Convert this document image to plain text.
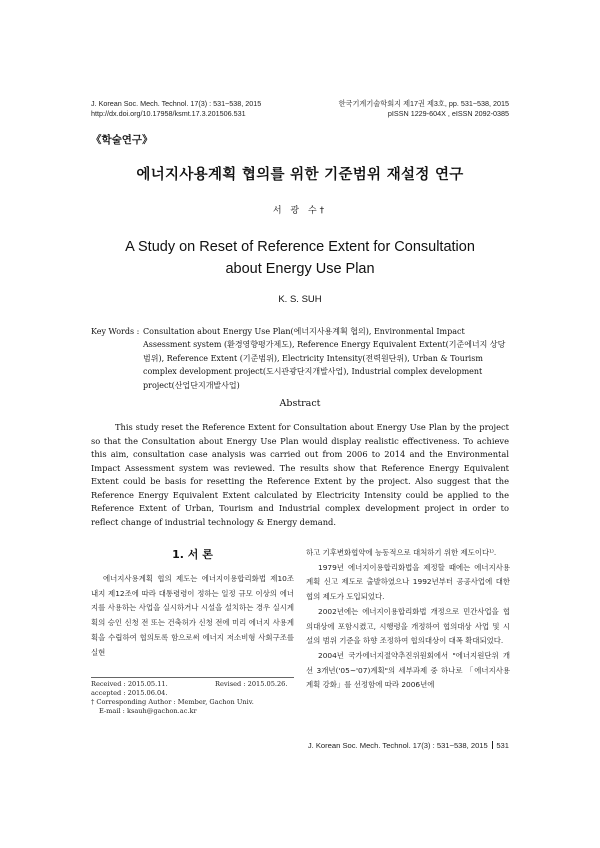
J. Korean Soc. Mech. Technol. 17(3) : 531~538, 2015
http://dx.doi.org/10.17958/ksmt.17.3.201506.531
한국기계기술학회지 제17권 제3호, pp. 531~538, 2015
pISSN 1229-604X , eISSN 2092-0385
《학술연구》
에너지사용계획 협의를 위한 기준범위 재설정 연구
서 광 수†
A Study on Reset of Reference Extent for Consultation
about Energy Use Plan
K. S. SUH
Key Words : Consultation about Energy Use Plan(에너지사용계획 협의), Environmental Impact Assessment system (환경영향평가제도), Reference Energy Equivalent Extent(기준에너지 상당범위), Reference Extent (기준범위), Electricity Intensity(전력원단위), Urban & Tourism complex development project(도시관광단지개발사업), Industrial complex development project(산업단지개발사업)
Abstract

This study reset the Reference Extent for Consultation about Energy Use Plan by the project so that the Consultation about Energy Use Plan would display realistic effectiveness. To achieve this aim, consultation case analysis was carried out from 2006 to 2014 and the Environmental Impact Assessment system was reviewed. The results show that Reference Energy Equivalent Extent could be basis for resetting the Reference Extent by the project. Also suggest that the Reference Energy Equivalent Extent calculated by Electricity Intensity could be applied to the Reference Extent of Urban, Tourism and Industrial complex development project in order to reflect change of industrial technology & Energy demand.

1. 서 론

에너지사용계획 협의 제도는 에너지이용합리화법 제10조 내지 제12조에 따라 대통령령이 정하는 일정 규모 이상의 에너지를 사용하는 사업을 실시하거나 시설을 설치하는 경우 실시계획의 승인 신청 전 또는 건축허가 신청 전에 미리 에너지 사용계획을 수립하여 협의토록 함으로써 에너지 저소비형 사회구조를 실현

Received : 2015.05.11.	Revised : 2015.05.26.
accepted : 2015.06.04.
† Corresponding Author : Member, Gachon Univ.
E-mail : ksauh@gachon.ac.kr

하고 기후변화협약에 능동적으로 대처하기 위한 제도이다¹⁾.

1979년 에너지이용합리화법을 제정할 때에는 에너지사용계획 신고 제도로 출발하였으나 1992년부터 공공사업에 대한 협의 제도가 도입되었다.

2002년에는 에너지이용합리화법 개정으로 민간사업을 협의대상에 포함시켰고, 시행령을 개정하여 협의대상 사업 및 시설의 범위 기준을 하향 조정하여 협의대상이 대폭 확대되었다.

2004년 국가에너지절약추진위원회에서 "에너지원단위 개선 3개년('05~'07)계획"의 세부과제 중 하나로 「에너지사용계획 강화」를 선정함에 따라 2006년에

J. Korean Soc. Mech. Technol. 17(3) : 531~538, 2015 531
